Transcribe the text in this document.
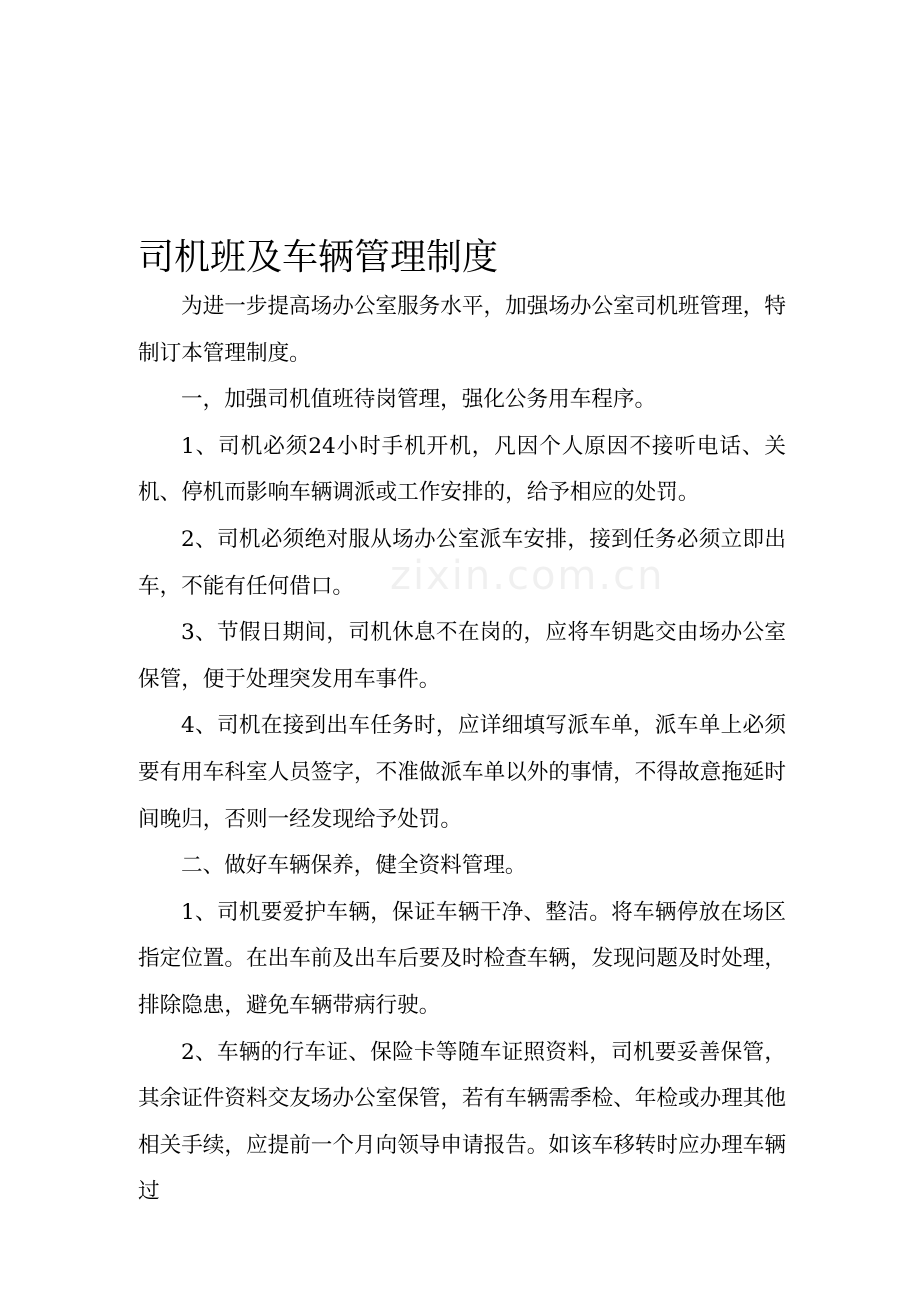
司机班及车辆管理制度

为进一步提高场办公室服务水平，加强场办公室司机班管理，特制订本管理制度。

一，加强司机值班待岗管理，强化公务用车程序。

1、司机必须24小时手机开机，凡因个人原因不接听电话、关机、停机而影响车辆调派或工作安排的，给予相应的处罚。

2、司机必须绝对服从场办公室派车安排，接到任务必须立即出车，不能有任何借口。

3、节假日期间，司机休息不在岗的，应将车钥匙交由场办公室保管，便于处理突发用车事件。

4、司机在接到出车任务时，应详细填写派车单，派车单上必须要有用车科室人员签字，不准做派车单以外的事情，不得故意拖延时间晚归，否则一经发现给予处罚。

二、做好车辆保养，健全资料管理。

1、司机要爱护车辆，保证车辆干净、整洁。将车辆停放在场区指定位置。在出车前及出车后要及时检查车辆，发现问题及时处理，排除隐患，避免车辆带病行驶。

2、车辆的行车证、保险卡等随车证照资料，司机要妥善保管，其余证件资料交友场办公室保管，若有车辆需季检、年检或办理其他相关手续，应提前一个月向领导申请报告。如该车移转时应办理车辆过

zixin.com.cn
